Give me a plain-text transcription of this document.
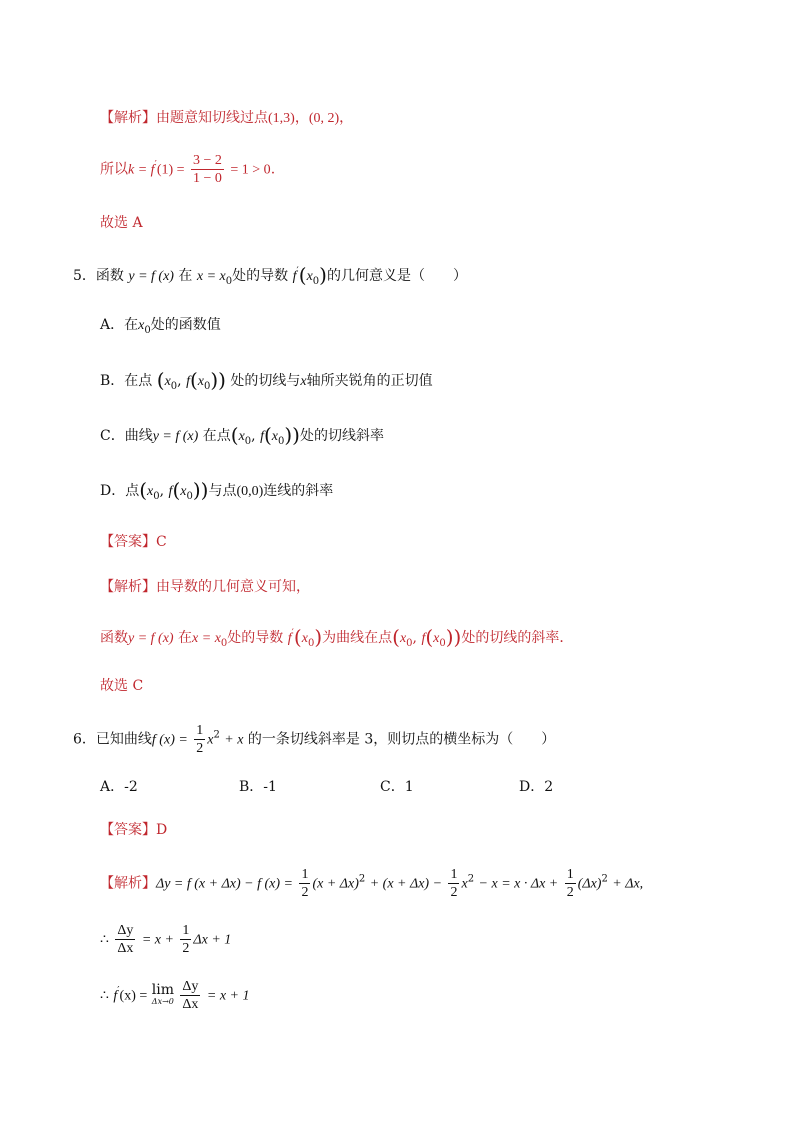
【解析】由题意知切线过点(1,3)，(0, 2)，
所以$k = f'(1) = \frac{3 - 2}{1 - 0} = 1 > 0$.
故选 A
5．函数 y = f (x) 在 $x = x_0$处的导数 $f'(x_0)$的几何意义是（　　）
A．在$x_0$处的函数值
B．在点 ($x_0$, $f(x_0)$) 处的切线与x轴所夹锐角的正切值
C．曲线y = f (x) 在点($x_0$, $f(x_0)$)处的切线斜率
D．点($x_0$, $f(x_0)$)与点(0,0)连线的斜率
【答案】C
【解析】由导数的几何意义可知，
函数y = f (x) 在$x = x_0$处的导数 $f'(x_0)$为曲线在点($x_0$, $f(x_0)$)处的切线的斜率．
故选 C
6．已知曲线f $(x) = \frac{1}{2} x^2 + x$ 的一条切线斜率是 3，则切点的横坐标为（　　）
A．-2	B．-1	C．1	D．2
【答案】D
【解析】Δy = f (x + Δx) − f $(x) = \frac{1}{2} (x + \Delta x)^2 + (x + \Delta x) - \frac{1}{2} x^2 - x = x \cdot \Delta x + \frac{1}{2} (\Delta x)^2 + \Delta x$,
∴ $\frac{\Delta y}{\Delta x} = x + \frac{1}{2}$ Δx + 1
∴ f′(x) = lim
Δx→0
$\frac{\Delta y}{\Delta x} = x + 1$
